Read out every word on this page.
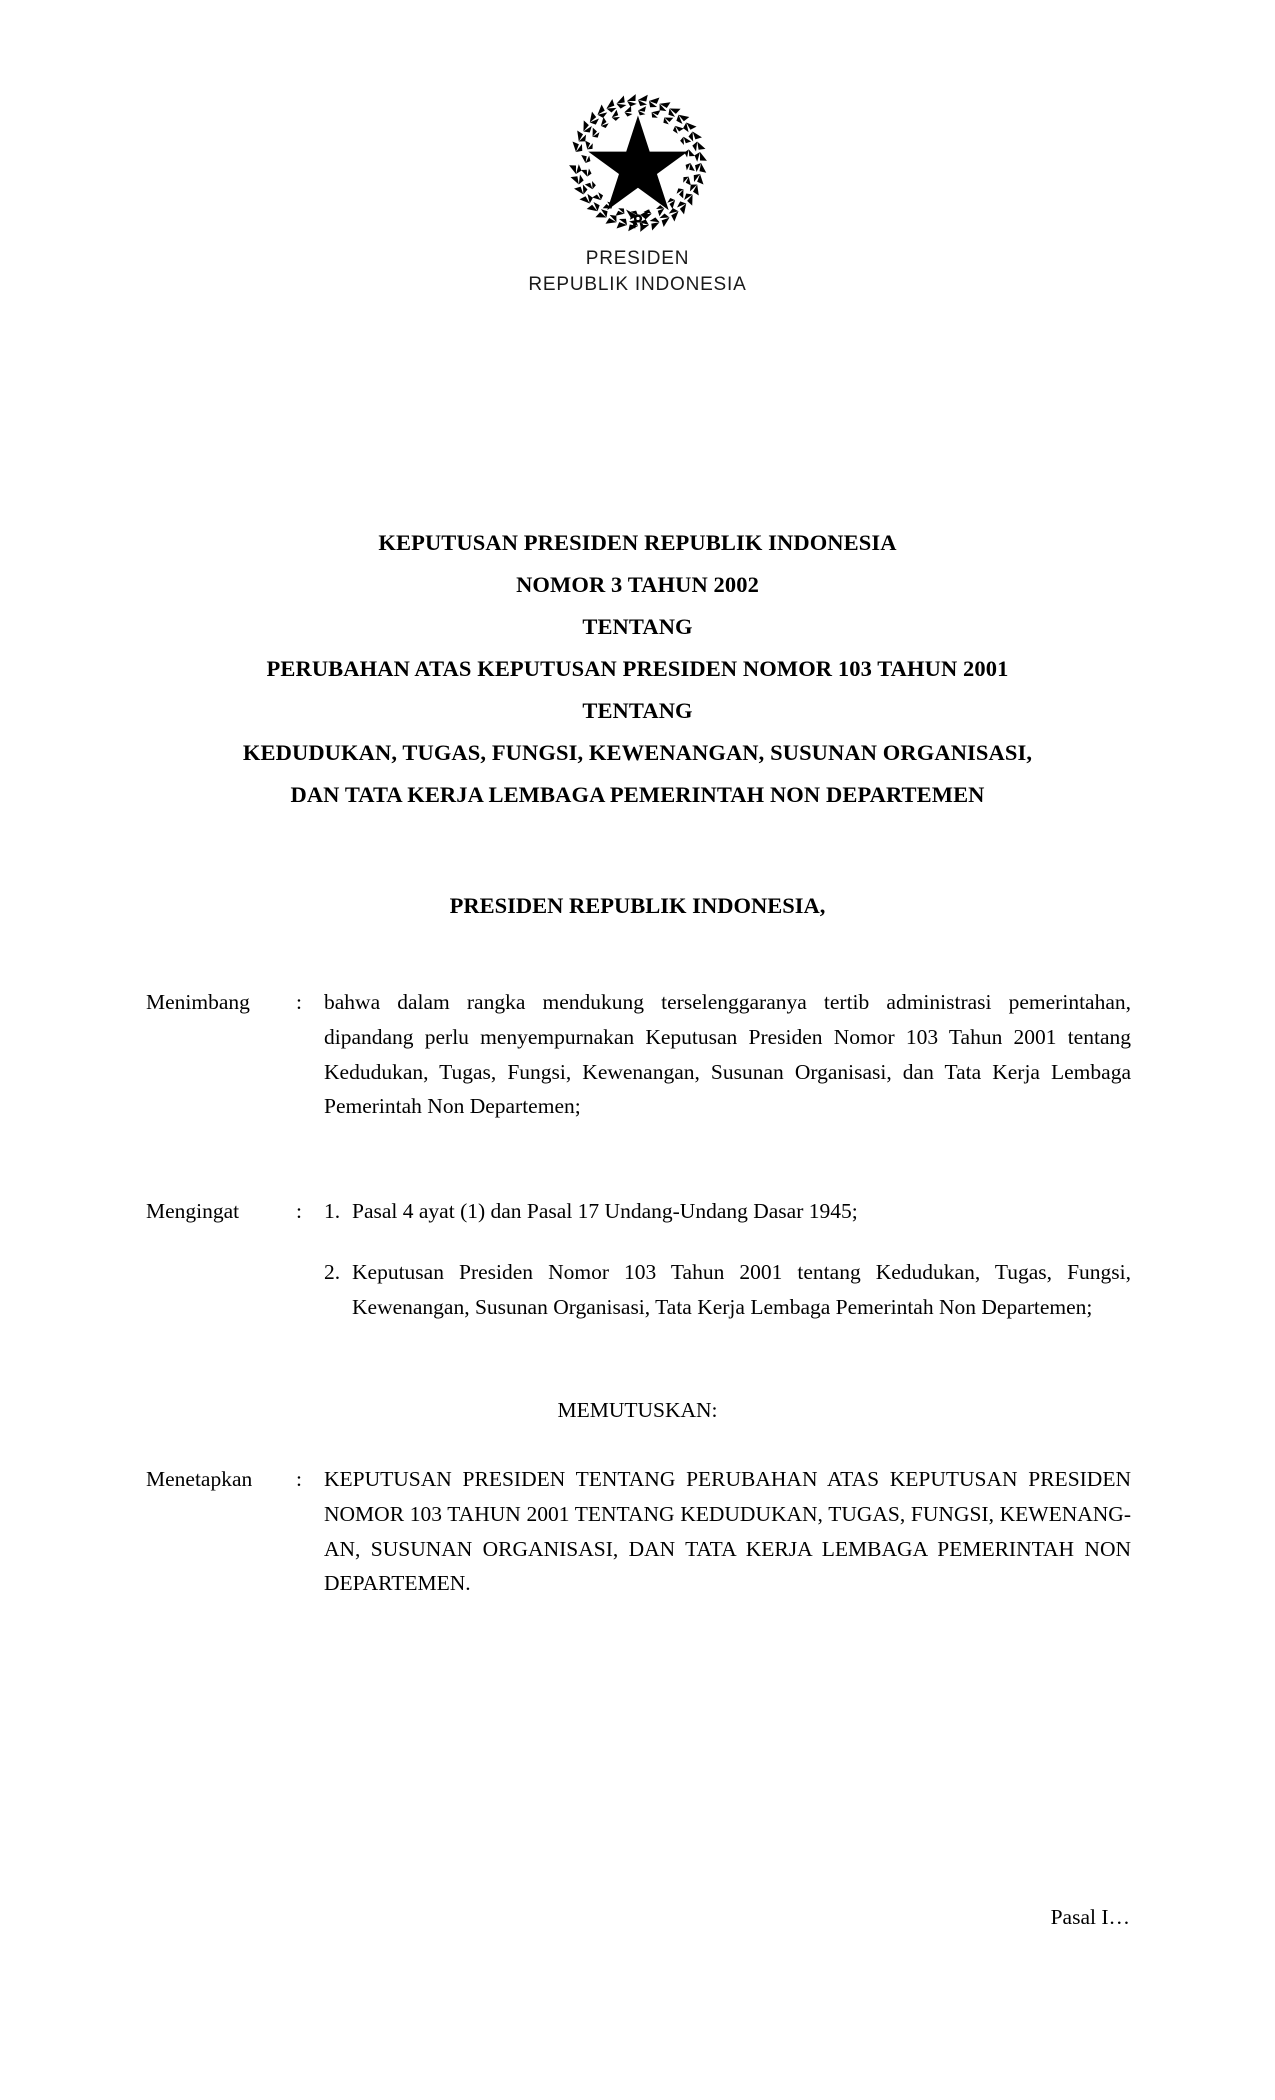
PRESIDEN
REPUBLIK INDONESIA
KEPUTUSAN PRESIDEN REPUBLIK INDONESIA
NOMOR 3 TAHUN 2002
TENTANG
PERUBAHAN ATAS KEPUTUSAN PRESIDEN NOMOR 103 TAHUN 2001
TENTANG
KEDUDUKAN, TUGAS, FUNGSI, KEWENANGAN, SUSUNAN ORGANISASI,
DAN TATA KERJA LEMBAGA PEMERINTAH NON DEPARTEMEN
PRESIDEN REPUBLIK INDONESIA,
Menimbang	:	bahwa dalam rangka mendukung terselenggaranya tertib administrasi pemerintahan, dipandang perlu menyempurnakan Keputusan Presiden Nomor 103 Tahun 2001 tentang Kedudukan, Tugas, Fungsi, Kewenangan, Susunan Organisasi, dan Tata Kerja Lembaga Pemerintah Non Departemen;
Mengingat	:	1. Pasal 4 ayat (1) dan Pasal 17 Undang-Undang Dasar 1945;
2. Keputusan Presiden Nomor 103 Tahun 2001 tentang Kedudukan, Tugas, Fungsi, Kewenangan, Susunan Organisasi, Tata Kerja Lembaga Pemerintah Non Departemen;
MEMUTUSKAN:
Menetapkan	:	KEPUTUSAN PRESIDEN TENTANG PERUBAHAN ATAS KEPUTUSAN PRESIDEN NOMOR 103 TAHUN 2001 TENTANG KEDUDUKAN, TUGAS, FUNGSI, KEWENANG-AN, SUSUNAN ORGANISASI, DAN TATA KERJA LEMBAGA PEMERINTAH NON DEPARTEMEN.
Pasal I…
